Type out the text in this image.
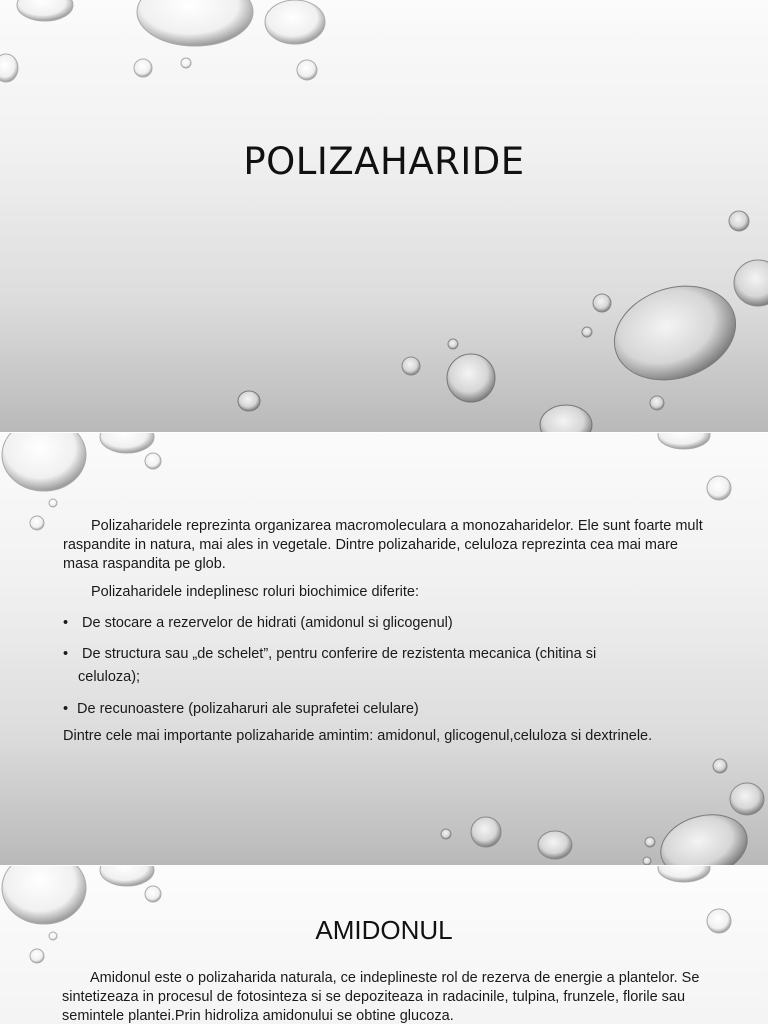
POLIZAHARIDE
Polizaharidele reprezinta organizarea macromoleculara a monozaharidelor. Ele sunt foarte mult raspandite in natura, mai ales in vegetale. Dintre polizaharide, celuloza reprezinta cea mai mare masa raspandita pe glob.
Polizaharidele indeplinesc roluri biochimice diferite:
• De stocare a rezervelor de hidrati (amidonul si glicogenul)
• De structura sau „de schelet”, pentru conferire de rezistenta mecanica (chitina si
celuloza);
• De recunoastere (polizaharuri ale suprafetei celulare)
Dintre cele mai importante polizaharide amintim: amidonul, glicogenul,celuloza si dextrinele.
AMIDONUL
Amidonul este o polizaharida naturala, ce indeplineste rol de rezerva de energie a plantelor. Se sintetizeaza in procesul de fotosinteza si se depoziteaza in radacinile, tulpina, frunzele, florile sau semintele plantei.Prin hidroliza amidonului se obtine glucoza.
